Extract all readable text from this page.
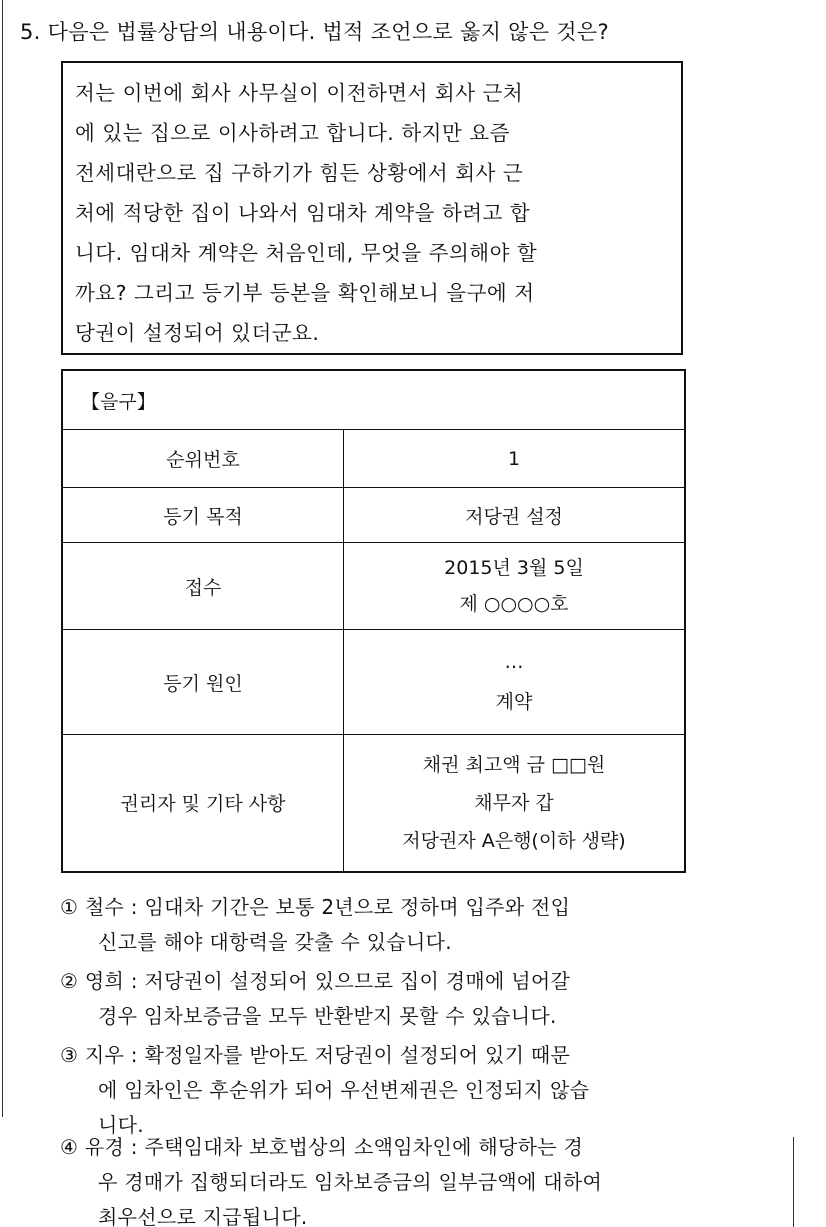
5. 다음은 법률상담의 내용이다. 법적 조언으로 옳지 않은 것은?
저는 이번에 회사 사무실이 이전하면서 회사 근처
에 있는 집으로 이사하려고 합니다. 하지만 요즘
전세대란으로 집 구하기가 힘든 상황에서 회사 근
처에 적당한 집이 나와서 임대차 계약을 하려고 합
니다. 임대차 계약은 처음인데, 무엇을 주의해야 할
까요? 그리고 등기부 등본을 확인해보니 을구에 저
당권이 설정되어 있더군요.
【을구】	
순위번호	1
등기 목적	저당권 설정
접수	2015년 3월 5일
제 ○○○○호

등기 원인	…
계약

권리자 및 기타 사항	채권 최고액 금 □□원
채무자 갑
저당권자 A은행(이하 생략)
① 철수 : 임대차 기간은 보통 2년으로 정하며 입주와 전입
신고를 해야 대항력을 갖출 수 있습니다.
② 영희 : 저당권이 설정되어 있으므로 집이 경매에 넘어갈
경우 임차보증금을 모두 반환받지 못할 수 있습니다.
③ 지우 : 확정일자를 받아도 저당권이 설정되어 있기 때문
에 임차인은 후순위가 되어 우선변제권은 인정되지 않습
니다.
④ 유경 : 주택임대차 보호법상의 소액임차인에 해당하는 경
우 경매가 집행되더라도 임차보증금의 일부금액에 대하여
최우선으로 지급됩니다.
